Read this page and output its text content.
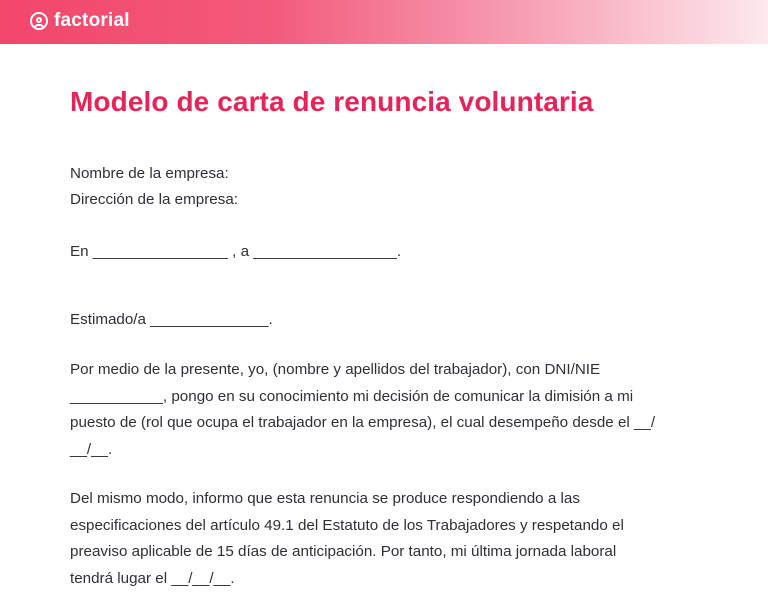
factorial
Modelo de carta de renuncia voluntaria

Nombre de la empresa:

Dirección de la empresa:

En ________________ , a _________________.

Estimado/a ______________.

Por medio de la presente, yo, (nombre y apellidos del trabajador), con DNI/NIE
___________, pongo en su conocimiento mi decisión de comunicar la dimisión a mi
puesto de (rol que ocupa el trabajador en la empresa), el cual desempeño desde el __/
__/__.
Del mismo modo, informo que esta renuncia se produce respondiendo a las
especificaciones del artículo 49.1 del Estatuto de los Trabajadores y respetando el
preaviso aplicable de 15 días de anticipación. Por tanto, mi última jornada laboral
tendrá lugar el __/__/__.
